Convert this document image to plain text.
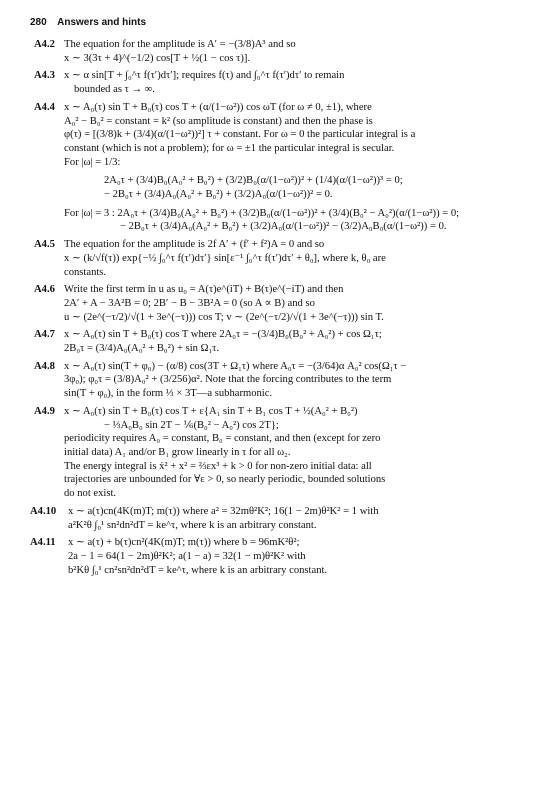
280 Answers and hints
A4.2 The equation for the amplitude is A′ = −(3/8)A³ and so
x ∼ 3(3τ + 4)^(−1/2) cos[T + ½(1 − cos τ)].
A4.3 x ∼ α sin[T + ∫₀^τ f(τ′)dτ′]; requires f(τ) and ∫₀^τ f(τ′)dτ′ to remain
bounded as τ → ∞.
A4.4 x ∼ A₀(τ) sin T + B₀(τ) cos T + (α/(1−ω²)) cos ωT (for ω ≠ 0, ±1), where
A₀² − B₀² = constant = k² (so amplitude is constant) and then the phase is
φ(τ) = [(3/8)k + (3/4)(α/(1−ω²))²] τ + constant. For ω = 0 the particular integral is a
constant (which is not a problem); for ω = ±1 the particular integral is secular.
For |ω| = 1/3:
2A₀τ + (3/4)B₀(A₀² + B₀²) + (3/2)B₀(α/(1−ω²))² + (1/4)(α/(1−ω²))³ = 0;
− 2B₀τ + (3/4)A₀(A₀² + B₀²) + (3/2)A₀(α/(1−ω²))² = 0.
For |ω| = 3 : 2A₀τ + (3/4)B₀(A₀² + B₀²) + (3/2)B₀(α/(1−ω²))² + (3/4)(B₀² − A₀²)(α/(1−ω²)) = 0;
− 2B₀τ + (3/4)A₀(A₀² + B₀²) + (3/2)A₀(α/(1−ω²))² − (3/2)A₀B₀(α/(1−ω²)) = 0.
A4.5 The equation for the amplitude is 2f A′ + (f′ + f²)A = 0 and so
x ∼ (k/√f(τ)) exp{−½ ∫₀^τ f(τ′)dτ′} sin[ε⁻¹ ∫₀^τ f(τ′)dτ′ + θ₀], where k, θ₀ are
constants.
A4.6 Write the first term in u as u₀ = A(τ)e^(iT) + B(τ)e^(−iT) and then
2A′ + A − 3A²B = 0; 2B′ − B − 3B²A = 0 (so A ∝ B) and so
u ∼ (2e^(−τ/2)/√(1 + 3e^(−τ))) cos T; v ∼ (2e^(−τ/2)/√(1 + 3e^(−τ))) sin T.
A4.7 x ∼ A₀(τ) sin T + B₀(τ) cos T where 2A₀τ = −(3/4)B₀(B₀² + A₀²) + cos Ω₁τ;
2B₀τ = (3/4)A₀(A₀² + B₀²) + sin Ω₁τ.
A4.8 x ∼ A₀(τ) sin(T + φ₀) − (α/8) cos(3T + Ω₁τ) where A₀τ = −(3/64)α A₀² cos(Ω₁τ −
3φ₀); φ₀τ = (3/8)A₀² + (3/256)α². Note that the forcing contributes to the term
sin(T + φ₀), in the form ⅓ × 3T—a subharmonic.
A4.9 x ∼ A₀(τ) sin T + B₀(τ) cos T + ε{A₁ sin T + B₁ cos T + ½(A₀² + B₀²)
− ⅓A₀B₀ sin 2T − ⅙(B₀² − A₀²) cos 2T};
periodicity requires A₀ = constant, B₀ = constant, and then (except for zero
initial data) A₁ and/or B₁ grow linearly in τ for all ω₂.
The energy integral is ẋ² + x² = ⅔εx³ + k > 0 for non-zero initial data: all
trajectories are unbounded for ∀ε > 0, so nearly periodic, bounded solutions
do not exist.
A4.10 x ∼ a(τ)cn(4K(m)T; m(τ)) where a² = 32mθ²K²; 16(1 − 2m)θ²K² = 1 with
a²K²θ ∫₀¹ sn²dn²dT = ke^τ, where k is an arbitrary constant.
A4.11 x ∼ a(τ) + b(τ)cn²(4K(m)T; m(τ)) where b = 96mK²θ²;
2a − 1 = 64(1 − 2m)θ²K²; a(1 − a) = 32(1 − m)θ²K² with
b²Kθ ∫₀¹ cn²sn²dn²dT = ke^τ, where k is an arbitrary constant.
